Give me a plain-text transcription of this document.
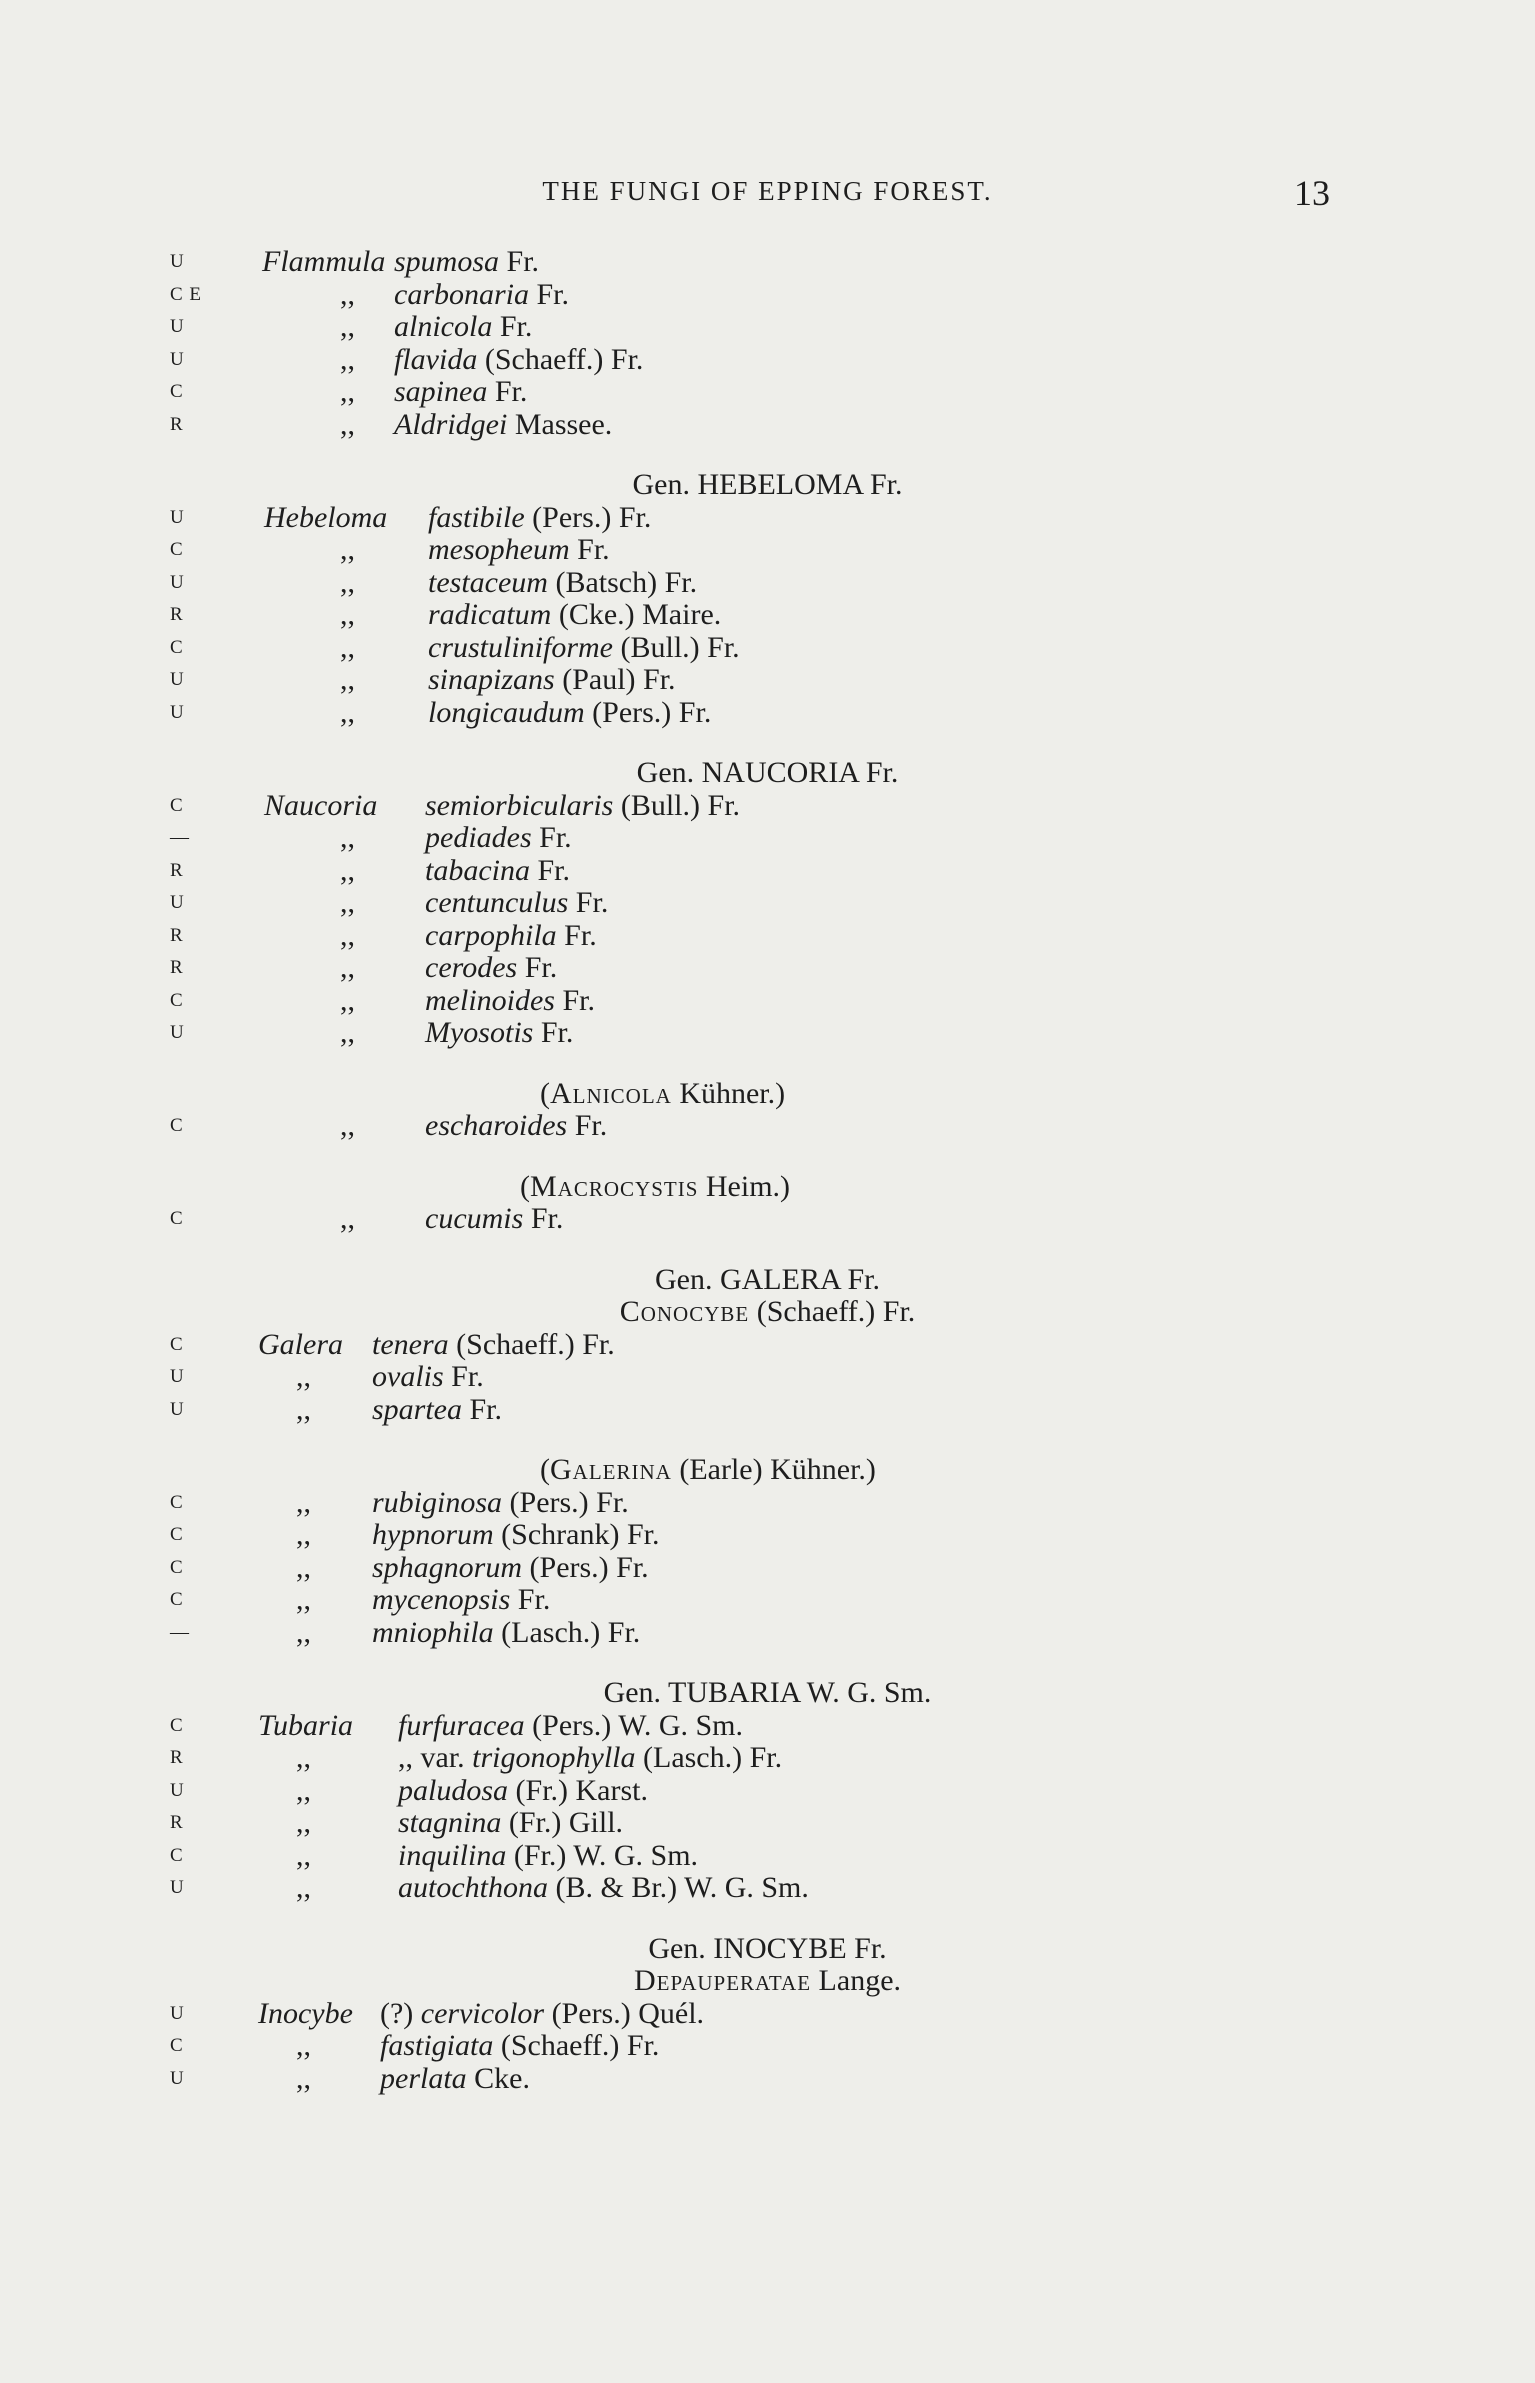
THE FUNGI OF EPPING FOREST.	13
U	Flammula spumosa Fr.
C E	,, carbonaria Fr.
U	,, alnicola Fr.
U	,, flavida (Schaeff.) Fr.
C	,, sapinea Fr.
R	,, Aldridgei Massee.
Gen. HEBELOMA Fr.
U	Hebeloma fastibile (Pers.) Fr.
C	,, mesopheum Fr.
U	,, testaceum (Batsch) Fr.
R	,, radicatum (Cke.) Maire.
C	,, crustuliniforme (Bull.) Fr.
U	,, sinapizans (Paul) Fr.
U	,, longicaudum (Pers.) Fr.
Gen. NAUCORIA Fr.
C	Naucoria semiorbicularis (Bull.) Fr.
—	,, pediades Fr.
R	,, tabacina Fr.
U	,, centunculus Fr.
R	,, carpophila Fr.
R	,, cerodes Fr.
C	,, melinoides Fr.
U	,, Myosotis Fr.
(Alnicola Kühner.)
C	,, escharoides Fr.
(Macrocystis Heim.)
C	,, cucumis Fr.
Gen. GALERA Fr.
Conocybe (Schaeff.) Fr.
C Galera tenera (Schaeff.) Fr.
U	,, ovalis Fr.
U	,, spartea Fr.
(Galerina (Earle) Kühner.)
C	,, rubiginosa (Pers.) Fr.
C	,, hypnorum (Schrank) Fr.
C	,, sphagnorum (Pers.) Fr.
C	,, mycenopsis Fr.
—	,, mniophila (Lasch.) Fr.
Gen. TUBARIA W. G. Sm.
C Tubaria furfuracea (Pers.) W. G. Sm.
R	,,	,, var. trigonophylla (Lasch.) Fr.
U	,,	paludosa (Fr.) Karst.
R	,,	stagnina (Fr.) Gill.
C	,,	inquilina (Fr.) W. G. Sm.
U	,,	autochthona (B. & Br.) W. G. Sm.
Gen. INOCYBE Fr.
Depauperatae Lange.
U Inocybe (?) cervicolor (Pers.) Quél.
C	,, fastigiata (Schaeff.) Fr.
U	,, perlata Cke.
